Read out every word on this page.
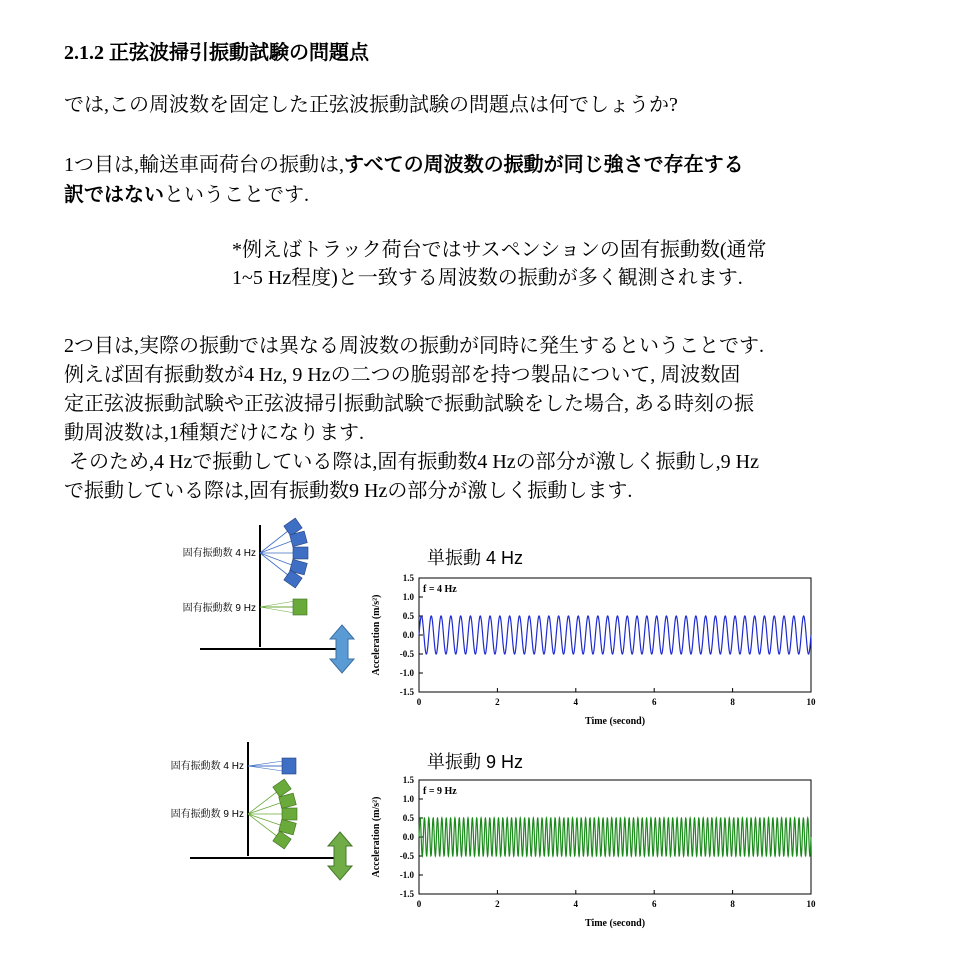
2.1.2 正弦波掃引振動試験の問題点
では,この周波数を固定した正弦波振動試験の問題点は何でしょうか?
1つ目は,輸送車両荷台の振動は,すべての周波数の振動が同じ強さで存在する
訳ではないということです.
*例えばトラック荷台ではサスペンションの固有振動数(通常
1~5 Hz程度)と一致する周波数の振動が多く観測されます.
2つ目は,実際の振動では異なる周波数の振動が同時に発生するということです.
例えば固有振動数が4 Hz, 9 Hzの二つの脆弱部を持つ製品について, 周波数固
定正弦波振動試験や正弦波掃引振動試験で振動試験をした場合, ある時刻の振
動周波数は,1種類だけになります.
そのため,4 Hzで振動している際は,固有振動数4 Hzの部分が激しく振動し,9 Hz
で振動している際は,固有振動数9 Hzの部分が激しく振動します.
固有振動数 4 Hz
固有振動数 9 Hz
固有振動数 4 Hz
固有振動数 9 Hz
単振動 4 Hz
f = 4 Hz
0	2	4	6	8	10
1.5
1.0
0.5
0.0
-0.5
-1.0
-1.5
Time (second)
Acceleration (m/s²)
単振動 9 Hz
f = 9 Hz
0	2	4	6	8	10
1.5
1.0
0.5
0.0
-0.5
-1.0
-1.5
Time (second)
Acceleration (m/s²)
